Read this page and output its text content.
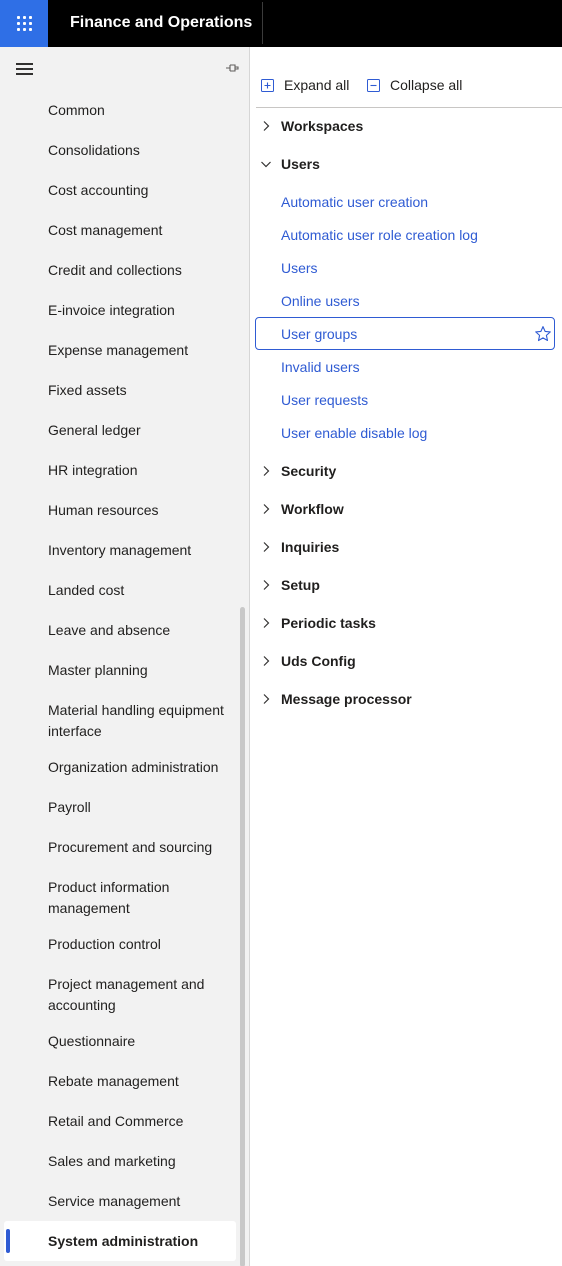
Finance and Operations
Common
Consolidations
Cost accounting
Cost management
Credit and collections
E-invoice integration
Expense management
Fixed assets
General ledger
HR integration
Human resources
Inventory management
Landed cost
Leave and absence
Master planning
Material handling equipment interface
Organization administration
Payroll
Procurement and sourcing
Product information management
Production control
Project management and accounting
Questionnaire
Rebate management
Retail and Commerce
Sales and marketing
Service management
System administration
Expand all	Collapse all
Workspaces
Users
Automatic user creation
Automatic user role creation log
Users
Online users
User groups
Invalid users
User requests
User enable disable log
Security
Workflow
Inquiries
Setup
Periodic tasks
Uds Config
Message processor
